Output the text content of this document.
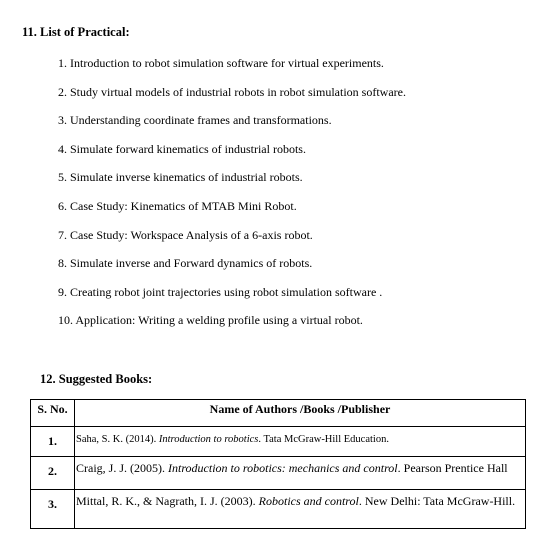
11. List of Practical:
1. Introduction to robot simulation software for virtual experiments.
2. Study virtual models of industrial robots in robot simulation software.
3. Understanding coordinate frames and transformations.
4. Simulate forward kinematics of industrial robots.
5. Simulate inverse kinematics of industrial robots.
6. Case Study: Kinematics of MTAB Mini Robot.
7. Case Study: Workspace Analysis of a 6-axis robot.
8. Simulate inverse and Forward dynamics of robots.
9. Creating robot joint trajectories using robot simulation software .
10. Application: Writing a welding profile using a virtual robot.
12. Suggested Books:
S. No.	Name of Authors /Books /Publisher
1.	Saha, S. K. (2014). Introduction to robotics. Tata McGraw-Hill Education.
2.	Craig, J. J. (2005). Introduction to robotics: mechanics and control. Pearson Prentice Hall
3.	Mittal, R. K., & Nagrath, I. J. (2003). Robotics and control. New Delhi: Tata McGraw-Hill.
